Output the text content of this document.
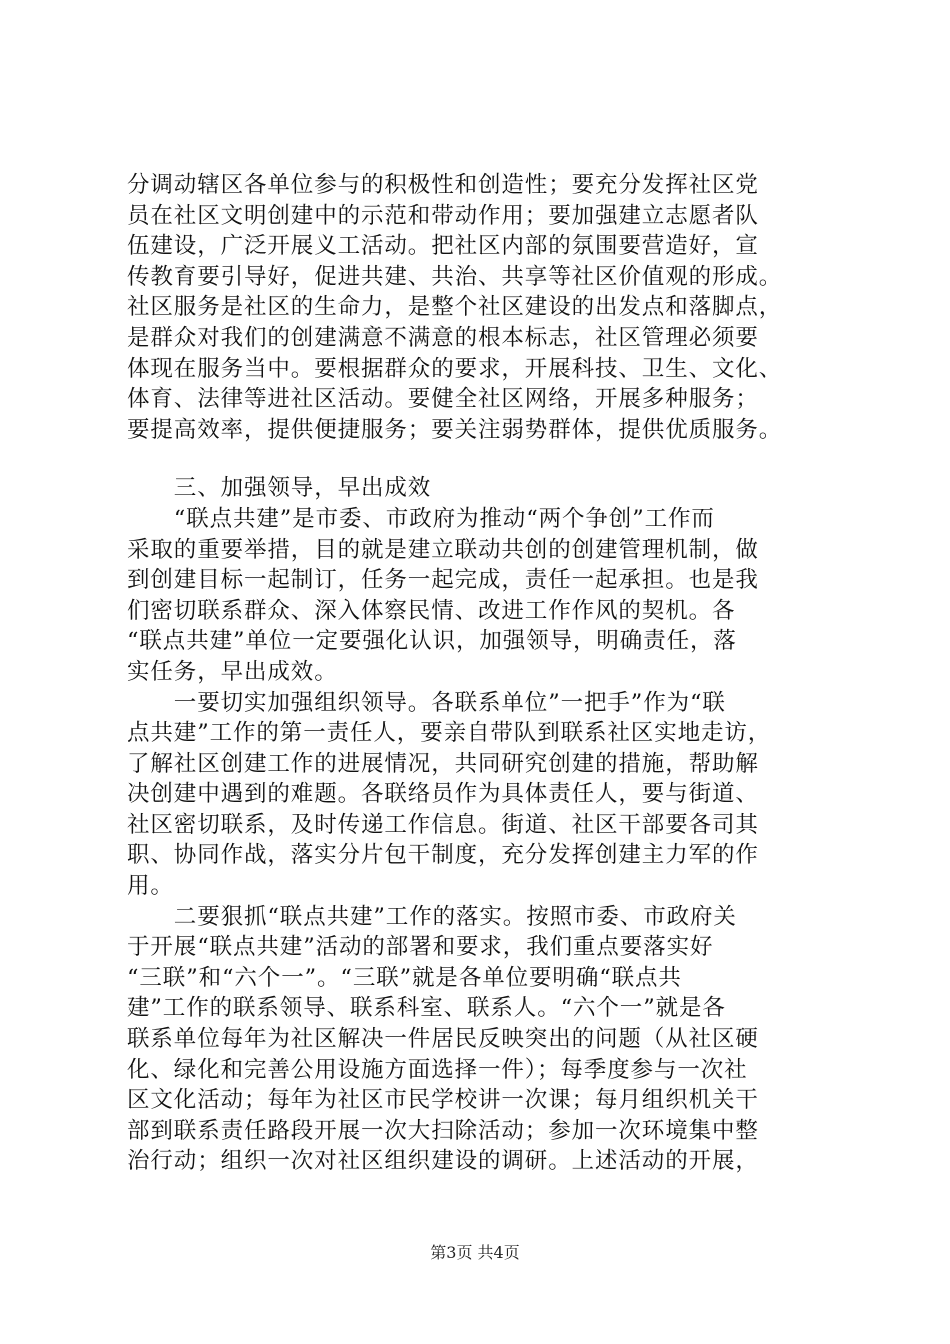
分调动辖区各单位参与的积极性和创造性；要充分发挥社区党
员在社区文明创建中的示范和带动作用；要加强建立志愿者队
伍建设，广泛开展义工活动。把社区内部的氛围要营造好，宣
传教育要引导好，促进共建、共治、共享等社区价值观的形成。
社区服务是社区的生命力，是整个社区建设的出发点和落脚点，
是群众对我们的创建满意不满意的根本标志，社区管理必须要
体现在服务当中。要根据群众的要求，开展科技、卫生、文化、
体育、法律等进社区活动。要健全社区网络，开展多种服务；
要提高效率，提供便捷服务；要关注弱势群体，提供优质服务。
　　三、加强领导，早出成效
　　“联点共建”是市委、市政府为推动“两个争创”工作而
采取的重要举措，目的就是建立联动共创的创建管理机制，做
到创建目标一起制订，任务一起完成，责任一起承担。也是我
们密切联系群众、深入体察民情、改进工作作风的契机。各
“联点共建”单位一定要强化认识，加强领导，明确责任，落
实任务，早出成效。
　　一要切实加强组织领导。各联系单位”一把手”作为“联
点共建”工作的第一责任人，要亲自带队到联系社区实地走访，
了解社区创建工作的进展情况，共同研究创建的措施，帮助解
决创建中遇到的难题。各联络员作为具体责任人，要与街道、
社区密切联系，及时传递工作信息。街道、社区干部要各司其
职、协同作战，落实分片包干制度，充分发挥创建主力军的作
用。
　　二要狠抓“联点共建”工作的落实。按照市委、市政府关
于开展“联点共建”活动的部署和要求，我们重点要落实好
“三联”和“六个一”。“三联”就是各单位要明确“联点共
建”工作的联系领导、联系科室、联系人。“六个一”就是各
联系单位每年为社区解决一件居民反映突出的问题（从社区硬
化、绿化和完善公用设施方面选择一件）；每季度参与一次社
区文化活动；每年为社区市民学校讲一次课；每月组织机关干
部到联系责任路段开展一次大扫除活动；参加一次环境集中整
治行动；组织一次对社区组织建设的调研。上述活动的开展，
第3页 共4页
